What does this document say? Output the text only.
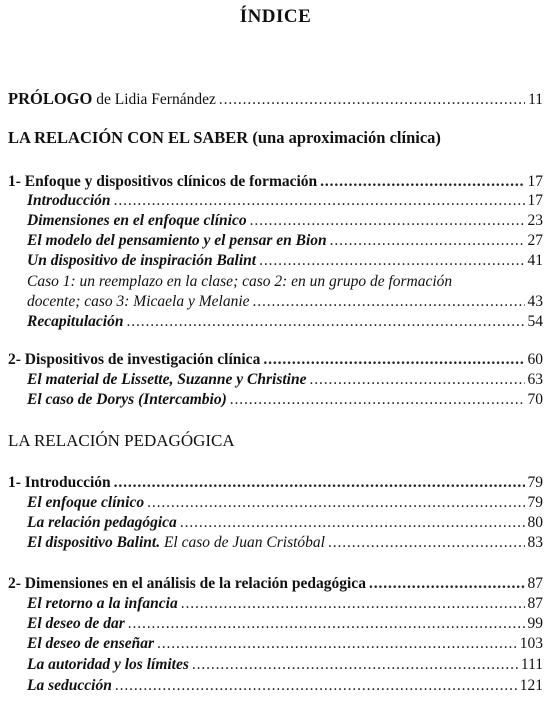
ÍNDICE
PRÓLOGO de Lidia Fernández . . .	11
LA RELACIÓN CON EL SABER (una aproximación clínica)
1- Enfoque y dispositivos clínicos de formación . . .	17
Introducción . . .	17
Dimensiones en el enfoque clínico . . .	23
El modelo del pensamiento y el pensar en Bion . . .	27
Un dispositivo de inspiración Balint . . .	41
Caso 1: un reemplazo en la clase; caso 2: en un grupo de formación
docente; caso 3: Micaela y Melanie . . .	43
Recapitulación . . .	54
2- Dispositivos de investigación clínica . . .	60
El material de Lissette, Suzanne y Christine . . .	63
El caso de Dorys (Intercambio) . . .	70
LA RELACIÓN PEDAGÓGICA
1- Introducción . . .	79
El enfoque clínico . . .	79
La relación pedagógica . . .	80
El dispositivo Balint. El caso de Juan Cristóbal . . .	83
2- Dimensiones en el análisis de la relación pedagógica . . .	87
El retorno a la infancia . . .	87
El deseo de dar . . .	99
El deseo de enseñar . . .	103
La autoridad y los límites . . .	111
La seducción . . .	121
